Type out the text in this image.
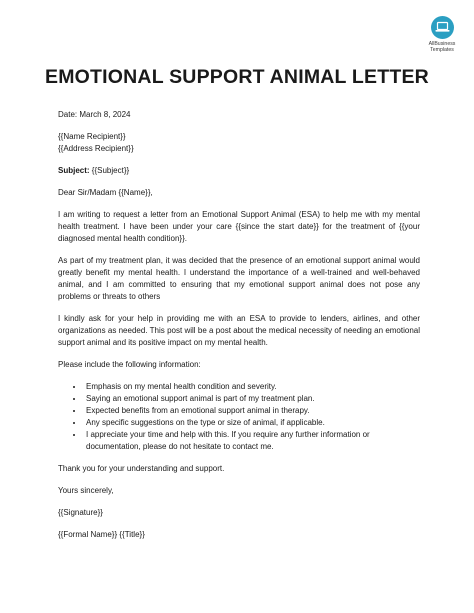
AllBusiness
Templates
EMOTIONAL SUPPORT ANIMAL LETTER

Date: March 8, 2024

{{Name Recipient}}

{{Address Recipient}}

Subject: {{Subject}}

Dear Sir/Madam {{Name}},

I am writing to request a letter from an Emotional Support Animal (ESA) to help me with my mental health treatment. I have been under your care {{since the start date}} for the treatment of {{your diagnosed mental health condition}}.

As part of my treatment plan, it was decided that the presence of an emotional support animal would greatly benefit my mental health. I understand the importance of a well-trained and well-behaved animal, and I am committed to ensuring that my emotional support animal does not pose any problems or threats to others

I kindly ask for your help in providing me with an ESA to provide to lenders, airlines, and other organizations as needed. This post will be a post about the medical necessity of needing an emotional support animal and its positive impact on my mental health.

Please include the following information:

• Emphasis on my mental health condition and severity.
• Saying an emotional support animal is part of my treatment plan.
• Expected benefits from an emotional support animal in therapy.
• Any specific suggestions on the type or size of animal, if applicable.
• I appreciate your time and help with this. If you require any further information or documentation, please do not hesitate to contact me.

Thank you for your understanding and support.

Yours sincerely,

{{Signature}}

{{Formal Name}} {{Title}}
